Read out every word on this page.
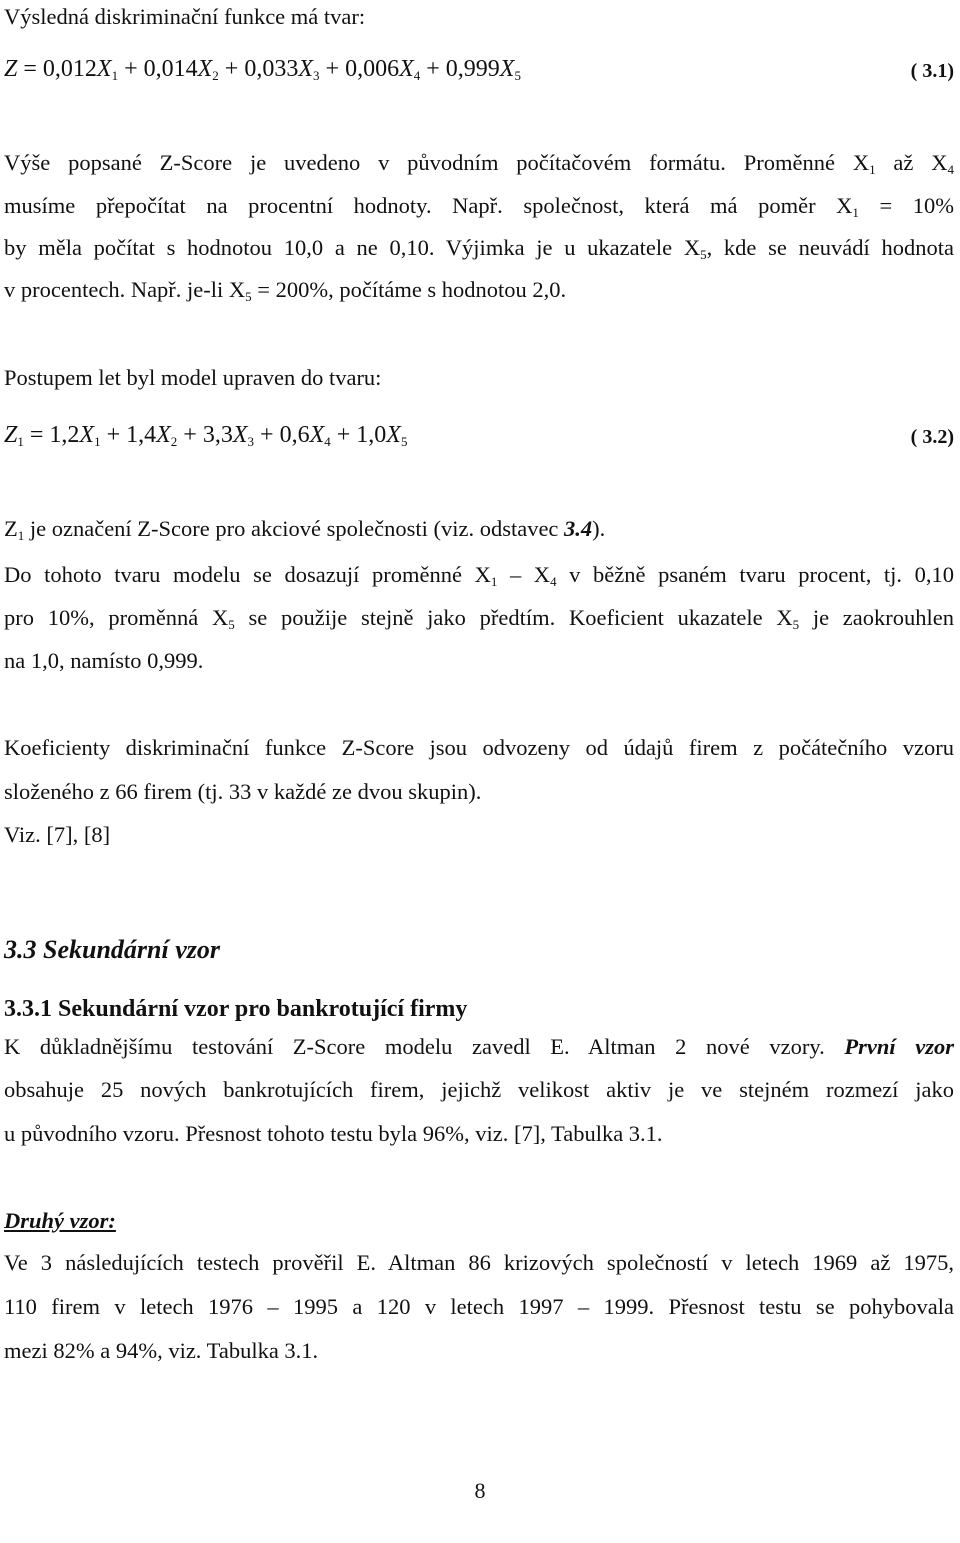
Výsledná diskriminační funkce má tvar:
$Z = 0,012X_1 + 0,014X_2 + 0,033X_3 + 0,006X_4 + 0,999X_5$	( 3.1)
Výše popsané Z-Score je uvedeno v původním počítačovém formátu. Proměnné $X_1$ až $X_4$
musíme přepočítat na procentní hodnoty. Např. společnost, která má poměr $X_1 = 10\%$
by měla počítat s hodnotou 10,0 a ne 0,10. Výjimka je u ukazatele $X_5$, kde se neuvádí hodnota
v procentech. Např. je-li $X_5 = 200\%$, počítáme s hodnotou 2,0.
Postupem let byl model upraven do tvaru:
$Z_1 = 1,2X_1 + 1,4X_2 + 3,3X_3 + 0,6X_4 + 1,0X_5$	( 3.2)
$Z_1$ je označení Z-Score pro akciové společnosti (viz. odstavec 3.4).
Do tohoto tvaru modelu se dosazují proměnné $X_1 - X_4$ v běžně psaném tvaru procent, tj. 0,10
pro 10%, proměnná $X_5$ se použije stejně jako předtím. Koeficient ukazatele $X_5$ je zaokrouhlen
na 1,0, namísto 0,999.
Koeficienty diskriminační funkce Z-Score jsou odvozeny od údajů firem z počátečního vzoru
složeného z 66 firem (tj. 33 v každé ze dvou skupin).
Viz. [7], [8]
3.3 Sekundární vzor
3.3.1 Sekundární vzor pro bankrotující firmy
K důkladnějšímu testování Z-Score modelu zavedl E. Altman 2 nové vzory. První vzor
obsahuje 25 nových bankrotujících firem, jejichž velikost aktiv je ve stejném rozmezí jako
u původního vzoru. Přesnost tohoto testu byla 96%, viz. [7], Tabulka 3.1.
Druhý vzor:
Ve 3 následujících testech prověřil E. Altman 86 krizových společností v letech 1969 až 1975,
110 firem v letech 1976 – 1995 a 120 v letech 1997 – 1999. Přesnost testu se pohybovala
mezi 82% a 94%, viz. Tabulka 3.1.
8
